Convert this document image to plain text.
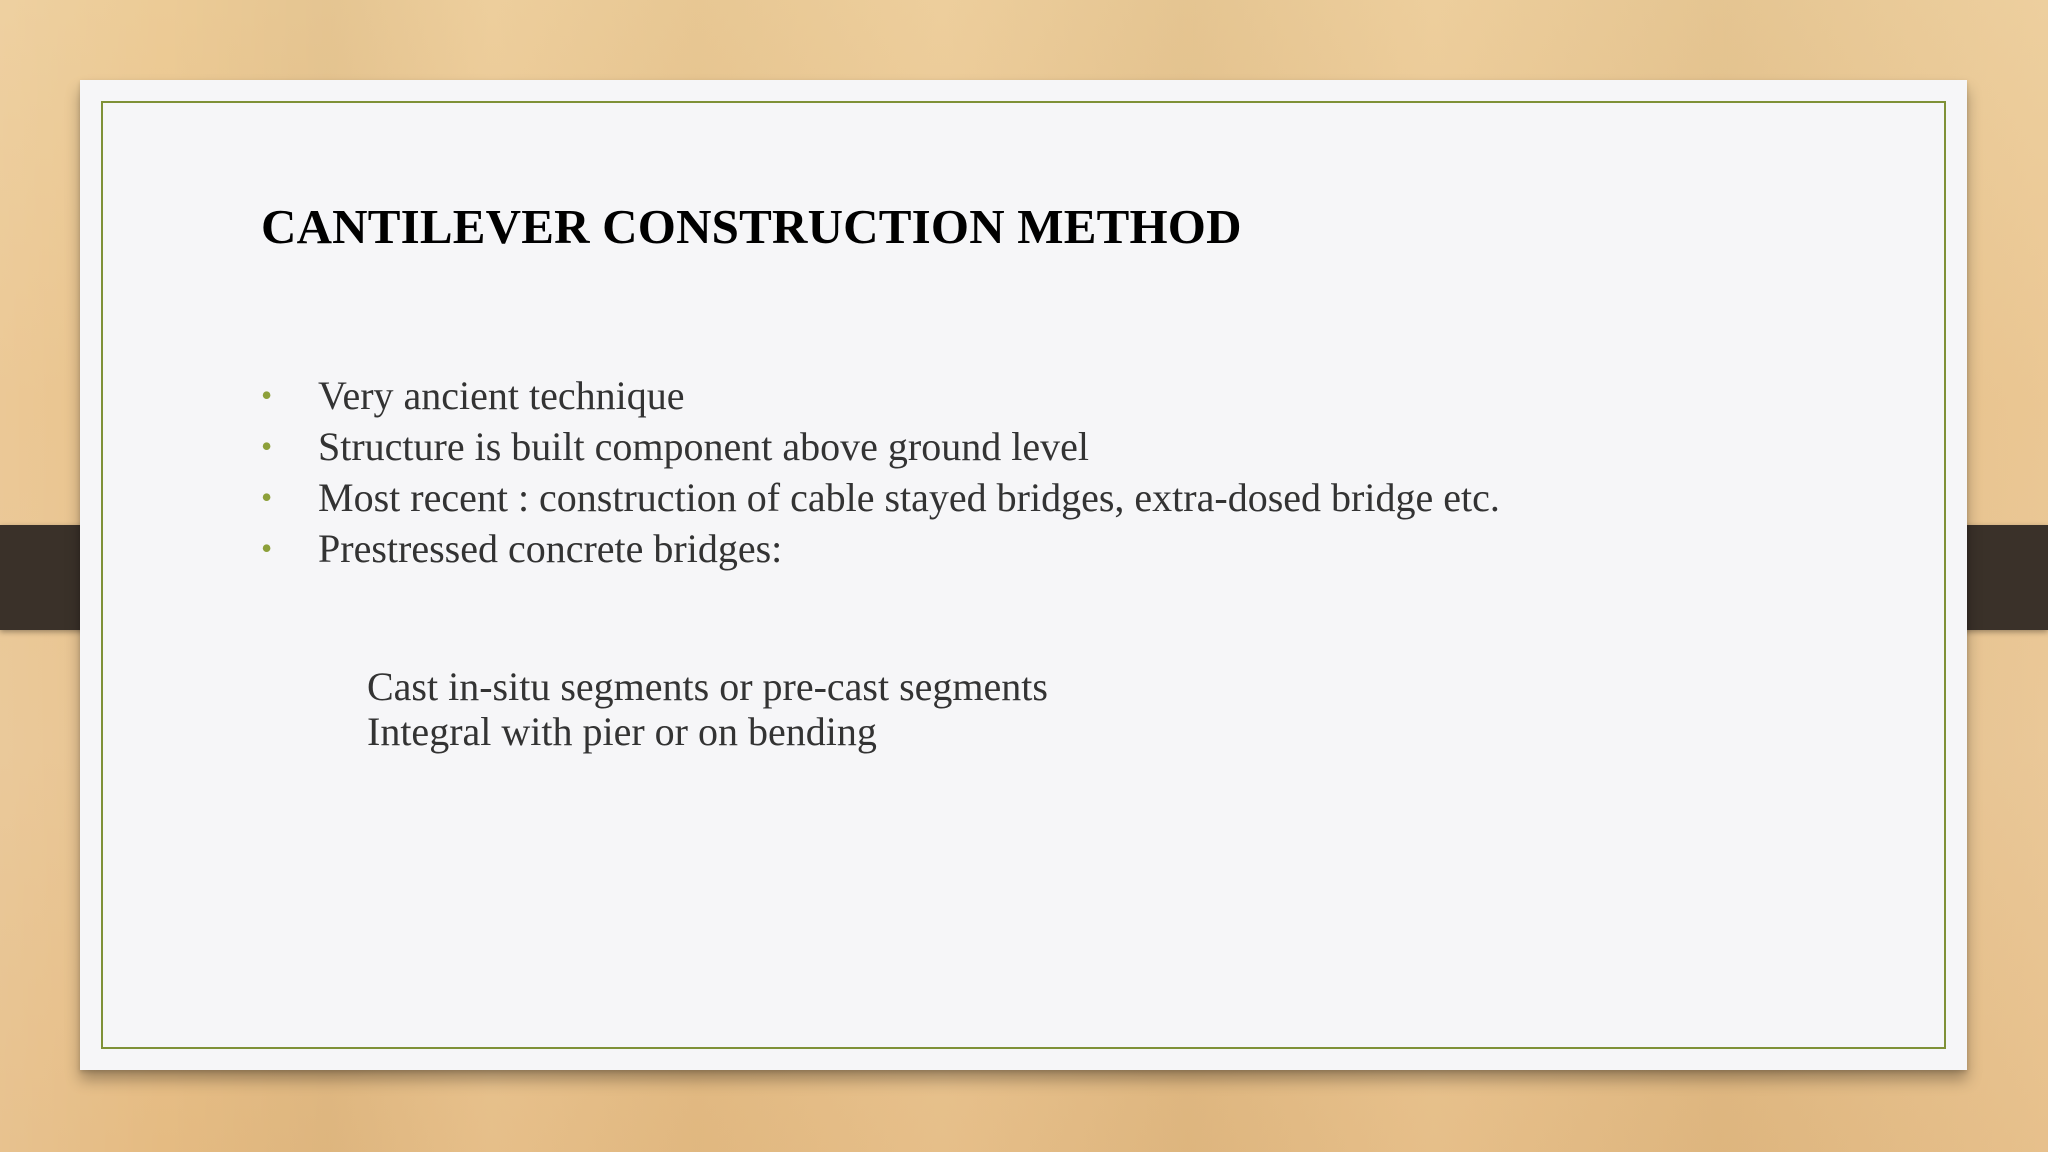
CANTILEVER CONSTRUCTION METHOD
• Very ancient technique
• Structure is built component above ground level
• Most recent : construction of cable stayed bridges, extra-dosed bridge etc.
• Prestressed concrete bridges:
Cast in-situ segments or pre-cast segments
Integral with pier or on bending
